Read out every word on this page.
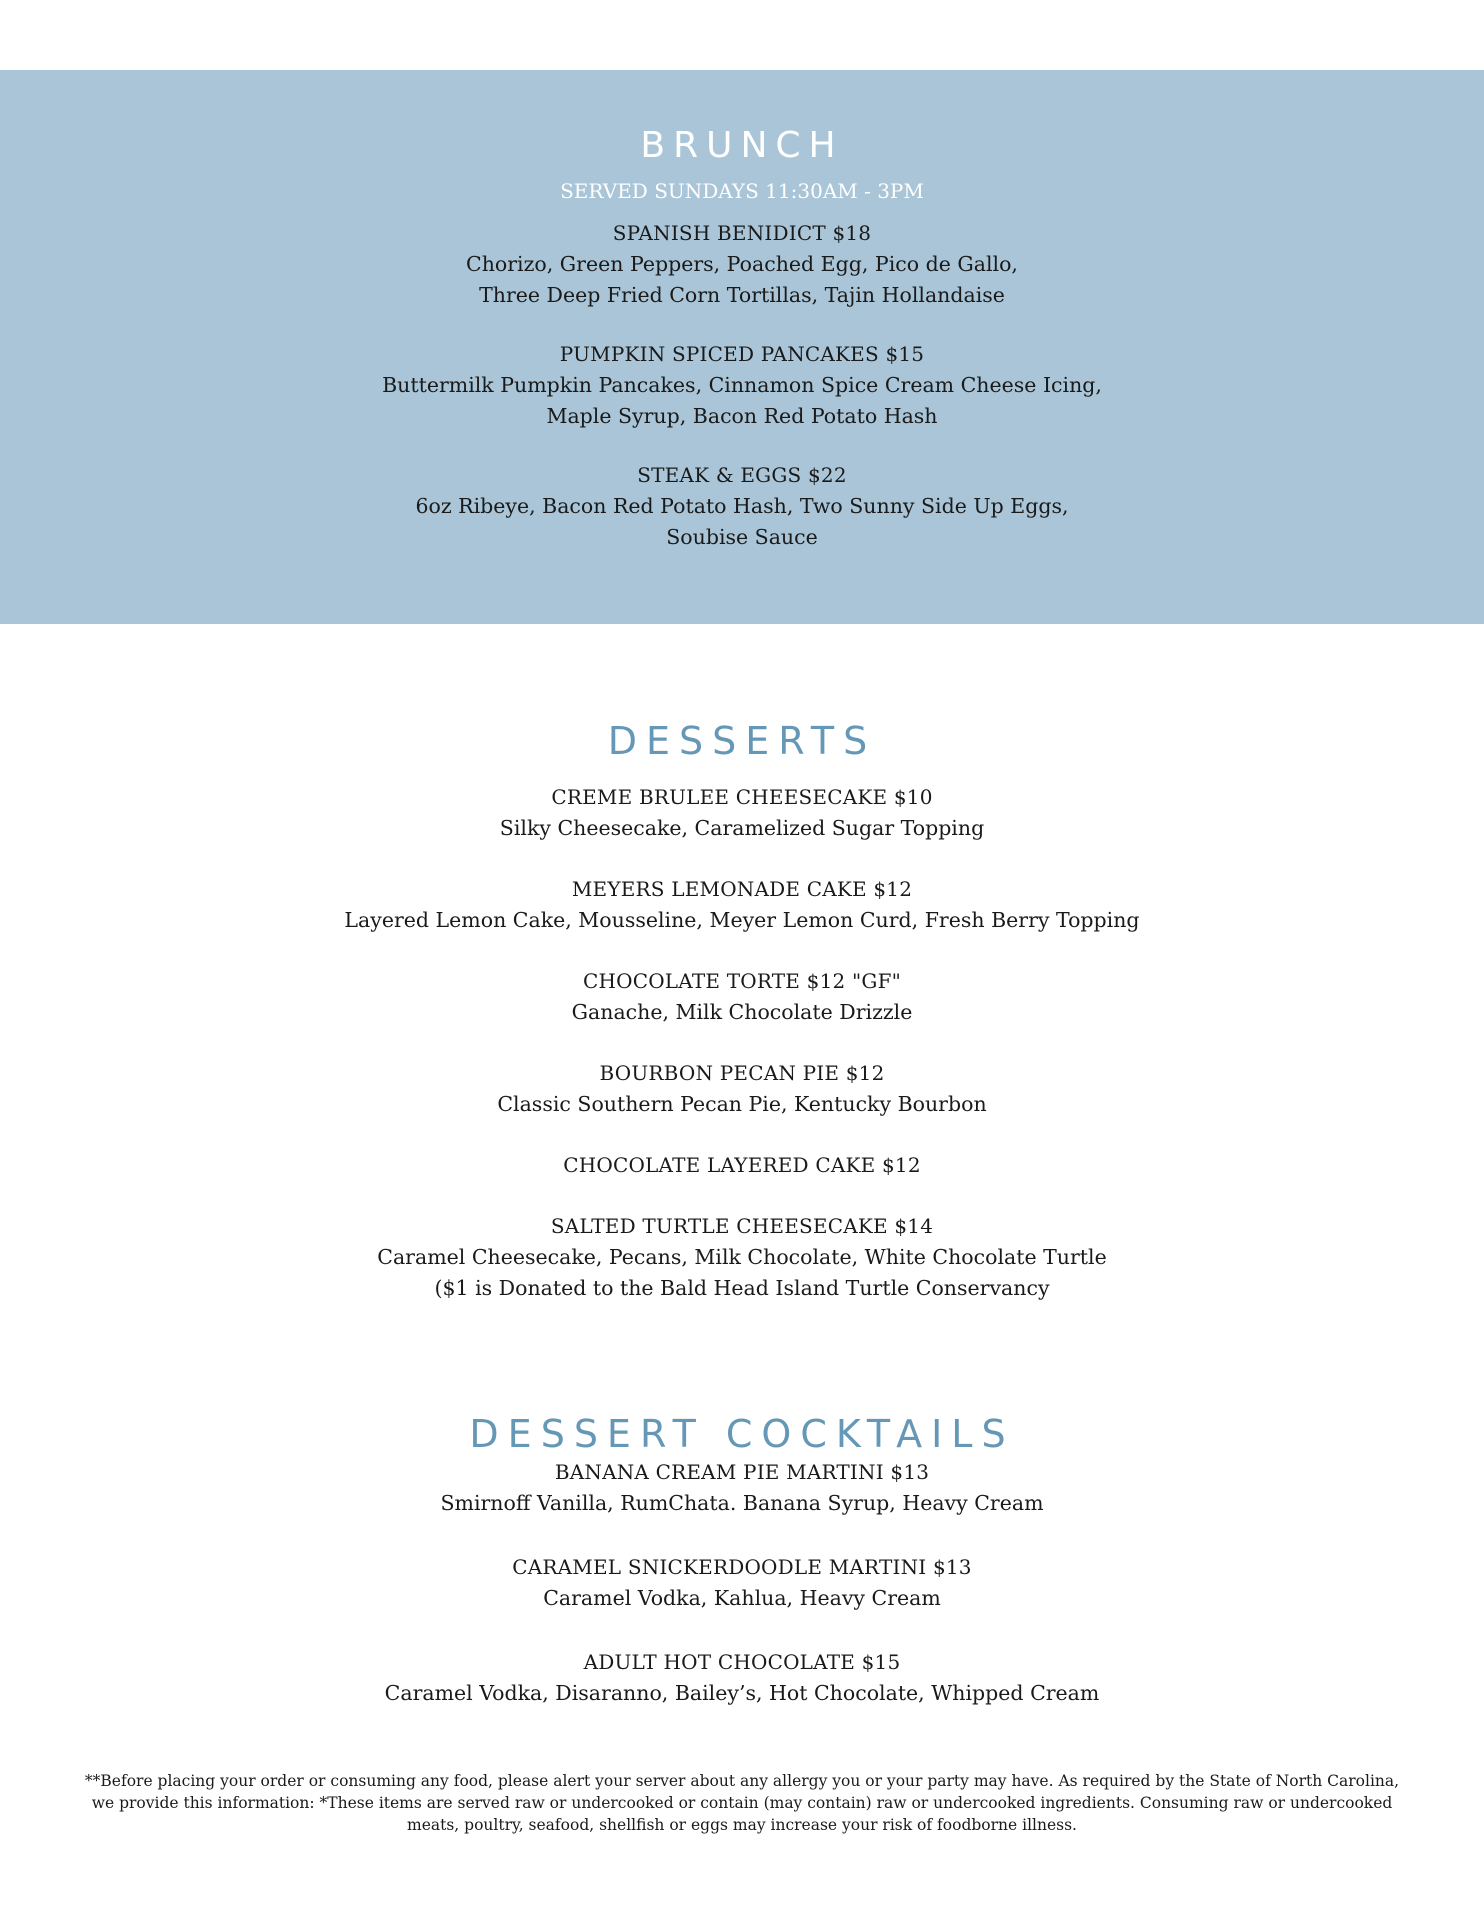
BRUNCH
SERVED SUNDAYS 11:30AM - 3PM
SPANISH BENIDICT $18
Chorizo, Green Peppers, Poached Egg, Pico de Gallo,
Three Deep Fried Corn Tortillas, Tajin Hollandaise
PUMPKIN SPICED PANCAKES $15
Buttermilk Pumpkin Pancakes, Cinnamon Spice Cream Cheese Icing,
Maple Syrup, Bacon Red Potato Hash
STEAK & EGGS $22
6oz Ribeye, Bacon Red Potato Hash, Two Sunny Side Up Eggs,
Soubise Sauce
DESSERTS
CREME BRULEE CHEESECAKE $10
Silky Cheesecake, Caramelized Sugar Topping
MEYERS LEMONADE CAKE $12
Layered Lemon Cake, Mousseline, Meyer Lemon Curd, Fresh Berry Topping
CHOCOLATE TORTE $12 "GF"
Ganache, Milk Chocolate Drizzle
BOURBON PECAN PIE $12
Classic Southern Pecan Pie, Kentucky Bourbon
CHOCOLATE LAYERED CAKE $12
SALTED TURTLE CHEESECAKE $14
Caramel Cheesecake, Pecans, Milk Chocolate, White Chocolate Turtle
($1 is Donated to the Bald Head Island Turtle Conservancy
DESSERT COCKTAILS
BANANA CREAM PIE MARTINI $13
Smirnoff Vanilla, RumChata. Banana Syrup, Heavy Cream
CARAMEL SNICKERDOODLE MARTINI $13
Caramel Vodka, Kahlua, Heavy Cream
ADULT HOT CHOCOLATE $15
Caramel Vodka, Disaranno, Bailey’s, Hot Chocolate, Whipped Cream
**Before placing your order or consuming any food, please alert your server about any allergy you or your party may have. As required by the State of North Carolina,
we provide this information: *These items are served raw or undercooked or contain (may contain) raw or undercooked ingredients. Consuming raw or undercooked
meats, poultry, seafood, shellfish or eggs may increase your risk of foodborne illness.
